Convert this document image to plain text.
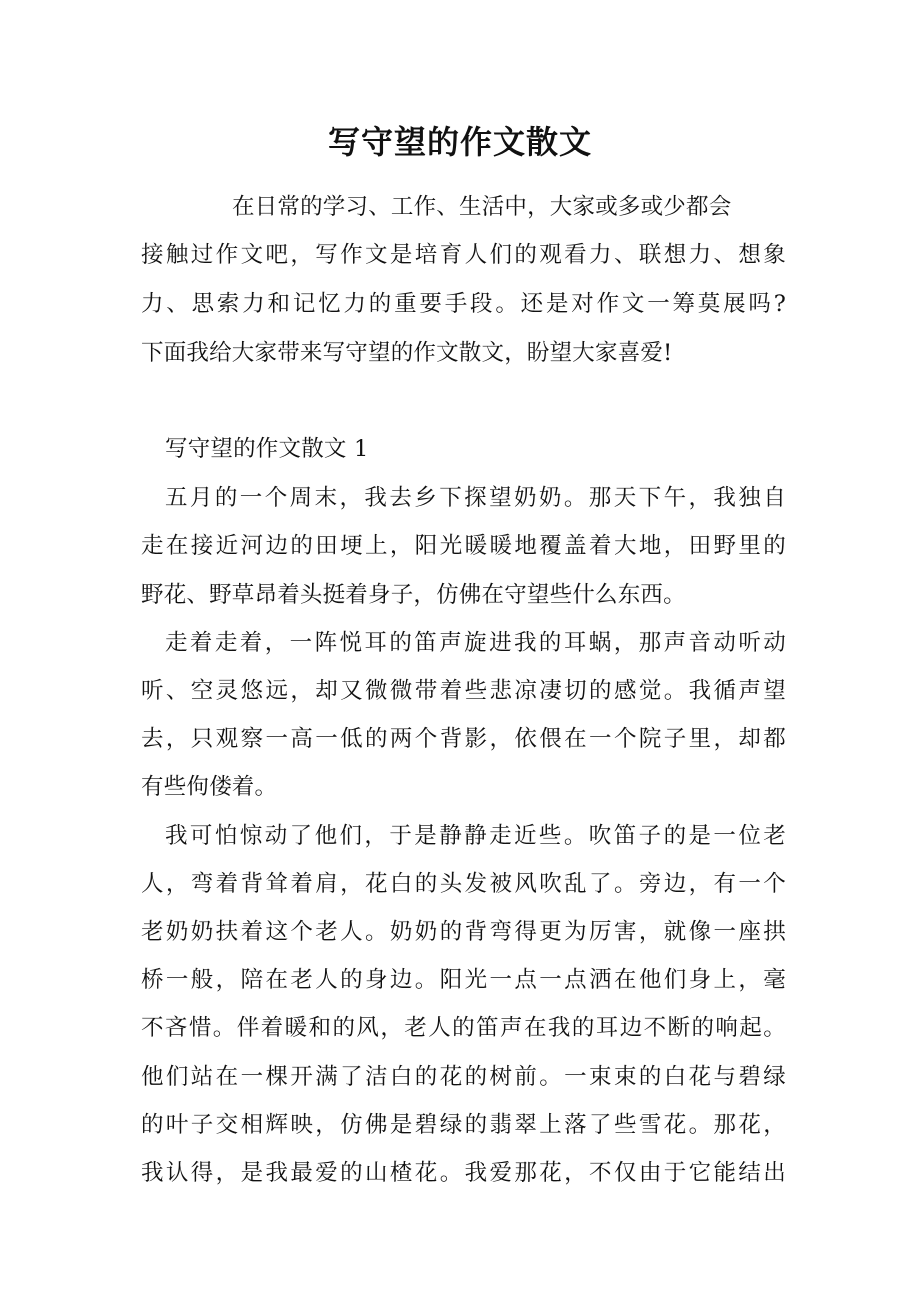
写守望的作文散文
在日常的学习、工作、生活中，大家或多或少都会
接触过作文吧，写作文是培育人们的观看力、联想力、想象
力、思索力和记忆力的重要手段。还是对作文一筹莫展吗?
下面我给大家带来写守望的作文散文，盼望大家喜爱!
写守望的作文散文 1
五月的一个周末，我去乡下探望奶奶。那天下午，我独自
走在接近河边的田埂上，阳光暖暖地覆盖着大地，田野里的
野花、野草昂着头挺着身子，仿佛在守望些什么东西。
走着走着，一阵悦耳的笛声旋进我的耳蜗，那声音动听动
听、空灵悠远，却又微微带着些悲凉凄切的感觉。我循声望
去，只观察一高一低的两个背影，依偎在一个院子里，却都
有些佝偻着。
我可怕惊动了他们，于是静静走近些。吹笛子的是一位老
人，弯着背耸着肩，花白的头发被风吹乱了。旁边，有一个
老奶奶扶着这个老人。奶奶的背弯得更为厉害，就像一座拱
桥一般，陪在老人的身边。阳光一点一点洒在他们身上，毫
不吝惜。伴着暖和的风，老人的笛声在我的耳边不断的响起。
他们站在一棵开满了洁白的花的树前。一束束的白花与碧绿
的叶子交相辉映，仿佛是碧绿的翡翠上落了些雪花。那花，
我认得，是我最爱的山楂花。我爱那花，不仅由于它能结出
